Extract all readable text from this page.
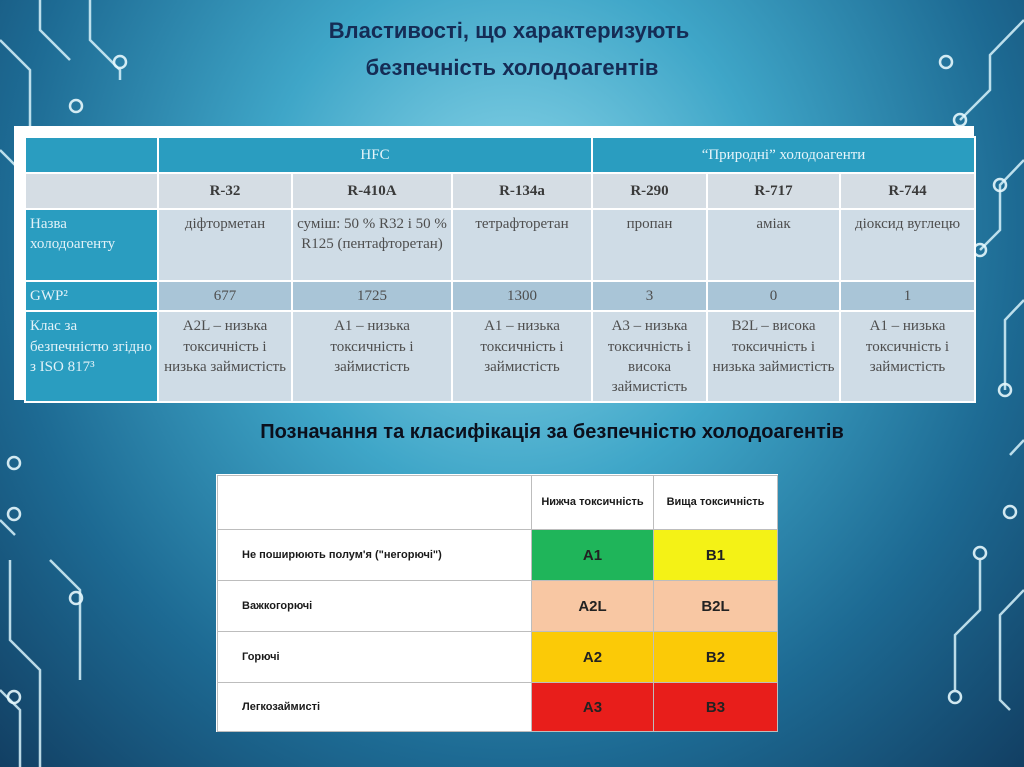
Властивості, що характеризують
безпечність холодоагентів
	HFC			“Природні” холодоагенти		
	R-32	R-410A	R-134a	R-290	R-717	R-744
Назва холодоагенту	діфторметан	суміш: 50 % R32 і 50 % R125 (пентафторетан)	тетрафторетан	пропан	аміак	діоксид вуглецю
GWP²	677	1725	1300	3	0	1
Клас за безпечністю згідно з ISO 817³	A2L – низька токсичність і низька займистість	A1 – низька токсичність і займистість	A1 – низька токсичність і займистість	A3 – низька токсичність і висока займистість	B2L – висока токсичність і низька займистість	A1 – низька токсичність і займистість
Позначання та класифікація за безпечністю холодоагентів
	Нижча токсичність	Вища токсичність
Не поширюють полум'я ("негорючі")	A1	B1
Важкогорючі	A2L	B2L
Горючі	A2	B2
Легкозаймисті	A3	B3
